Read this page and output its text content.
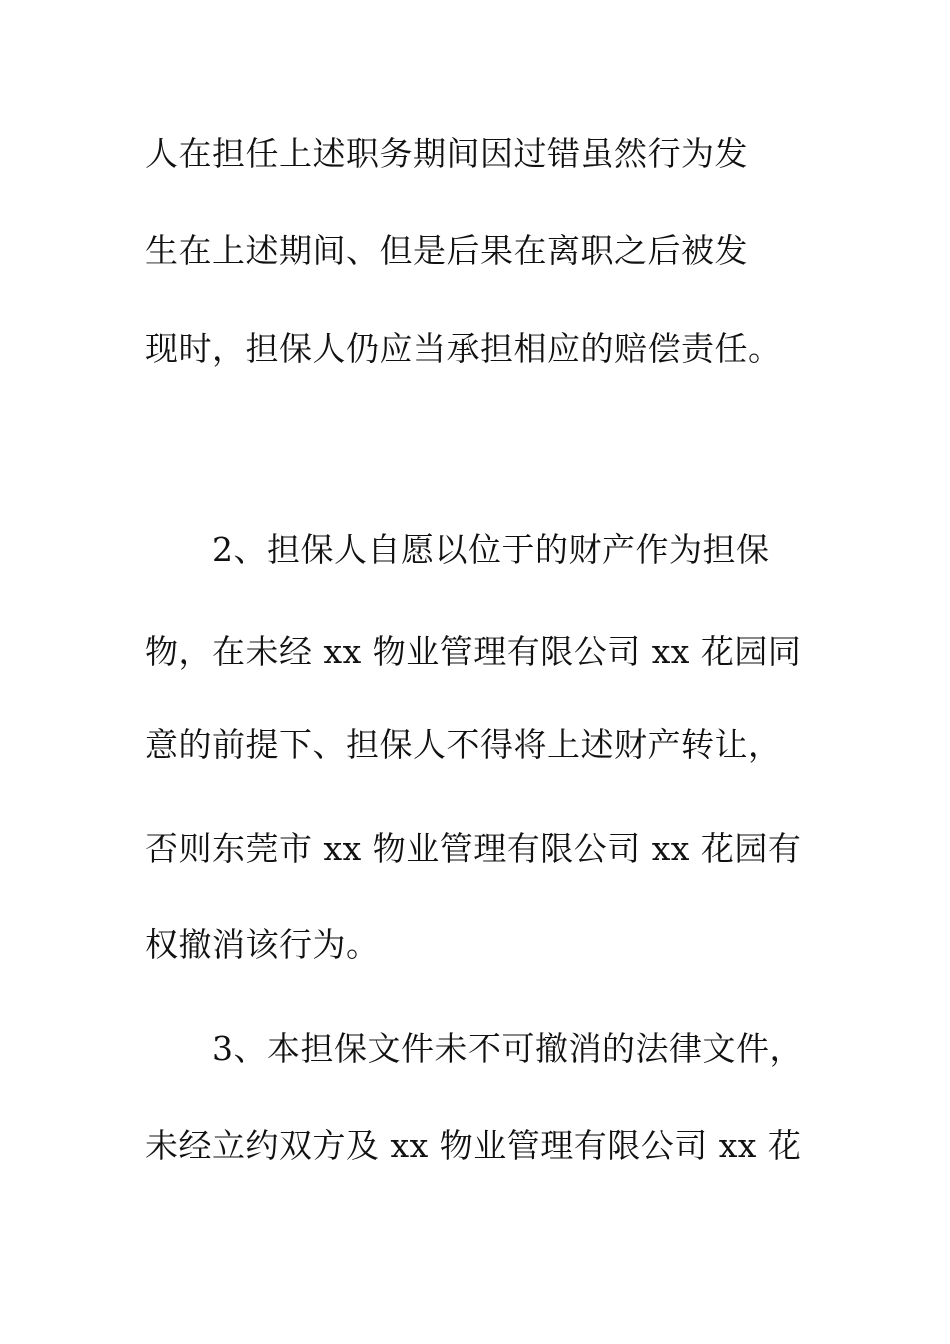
人在担任上述职务期间因过错虽然行为发
生在上述期间、但是后果在离职之后被发
现时，担保人仍应当承担相应的赔偿责任。
　　2、担保人自愿以位于的财产作为担保
物，在未经 xx 物业管理有限公司 xx 花园同
意的前提下、担保人不得将上述财产转让，
否则东莞市 xx 物业管理有限公司 xx 花园有
权撤消该行为。
　　3、本担保文件未不可撤消的法律文件，
未经立约双方及 xx 物业管理有限公司 xx 花
